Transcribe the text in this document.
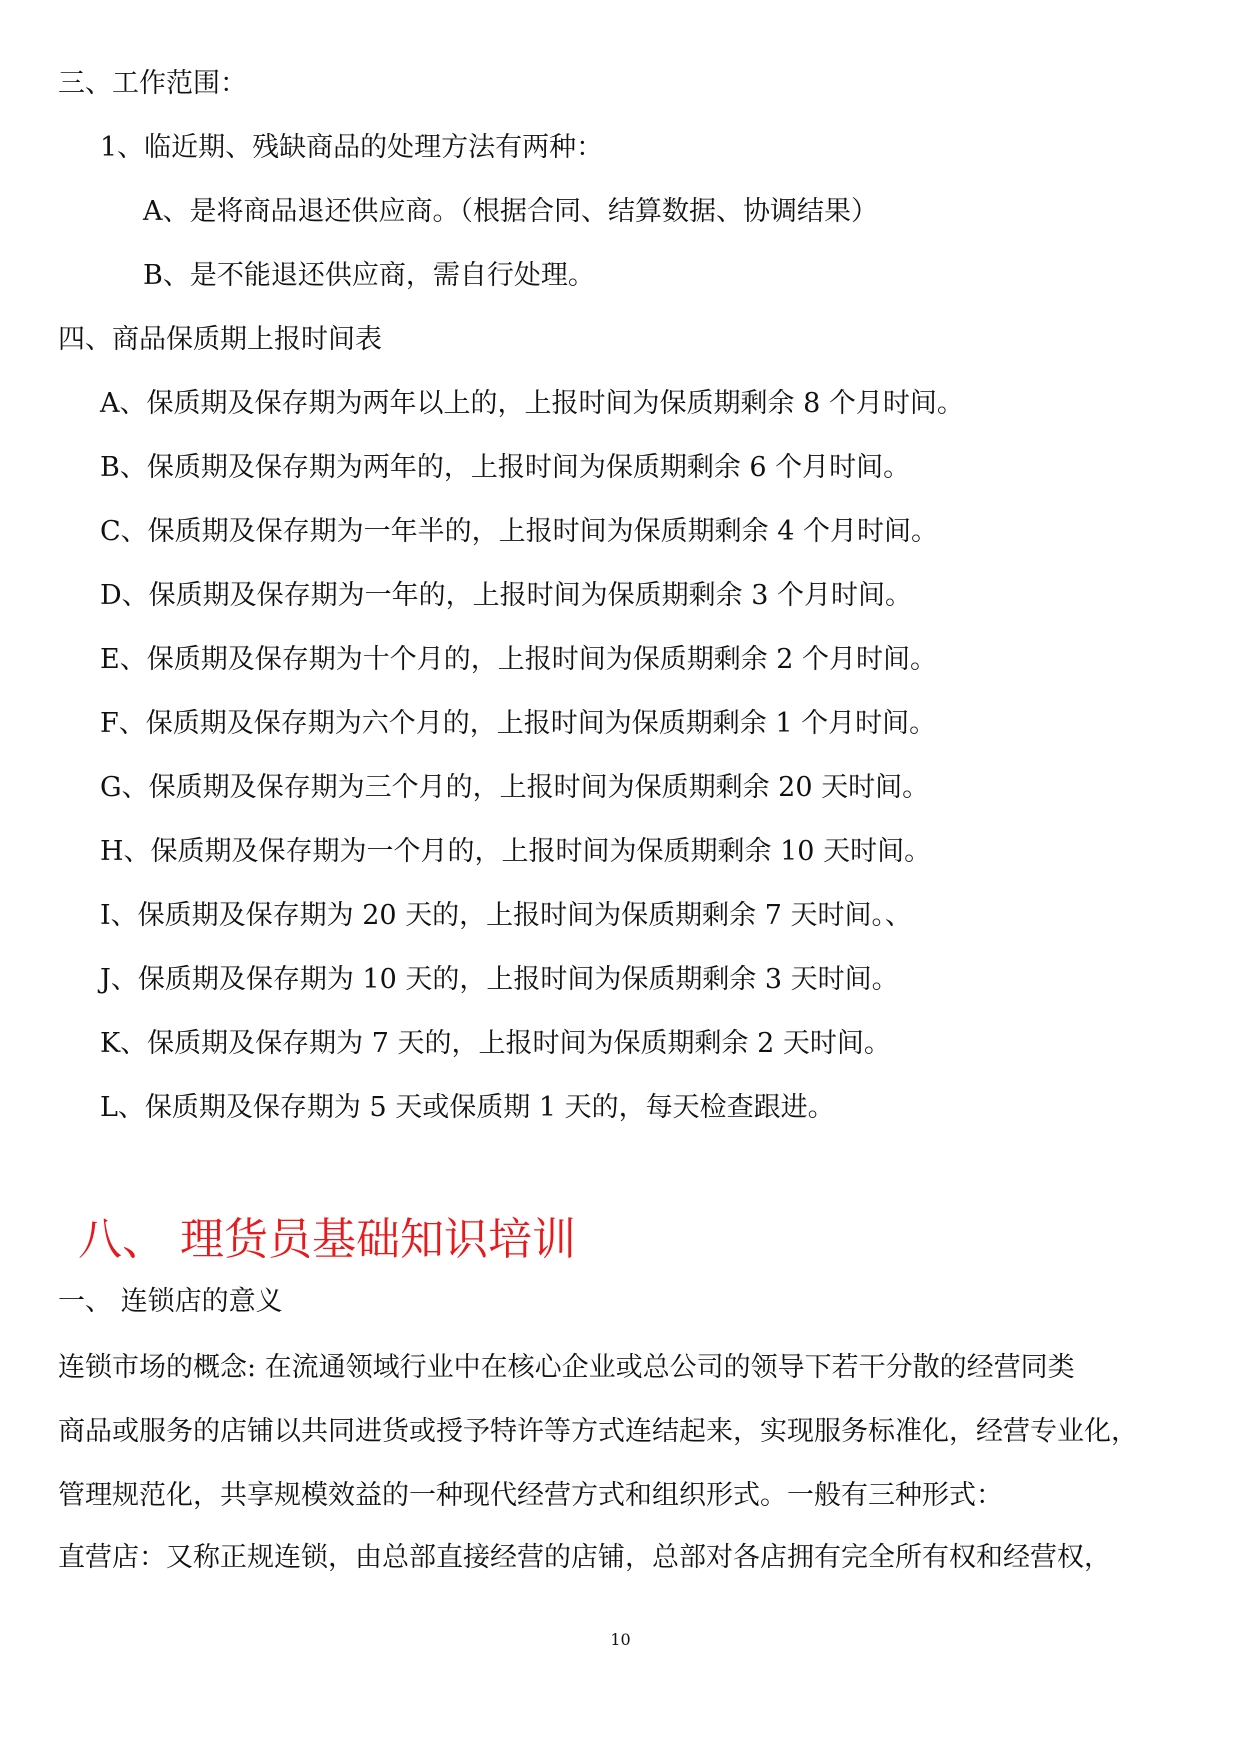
三、工作范围：
1、临近期、残缺商品的处理方法有两种：
A、是将商品退还供应商。（根据合同、结算数据、协调结果）
B、是不能退还供应商，需自行处理。
四、商品保质期上报时间表
A、保质期及保存期为两年以上的，上报时间为保质期剩余 8 个月时间。
B、保质期及保存期为两年的，上报时间为保质期剩余 6 个月时间。
C、保质期及保存期为一年半的，上报时间为保质期剩余 4 个月时间。
D、保质期及保存期为一年的，上报时间为保质期剩余 3 个月时间。
E、保质期及保存期为十个月的，上报时间为保质期剩余 2 个月时间。
F、保质期及保存期为六个月的，上报时间为保质期剩余 1 个月时间。
G、保质期及保存期为三个月的，上报时间为保质期剩余 20 天时间。
H、保质期及保存期为一个月的，上报时间为保质期剩余 10 天时间。
I、保质期及保存期为 20 天的，上报时间为保质期剩余 7 天时间。、
J、保质期及保存期为 10 天的，上报时间为保质期剩余 3 天时间。
K、保质期及保存期为 7 天的，上报时间为保质期剩余 2 天时间。
L、保质期及保存期为 5 天或保质期 1 天的，每天检查跟进。
八、 理货员基础知识培训
一、 连锁店的意义
连锁市场的概念: 在流通领域行业中在核心企业或总公司的领导下若干分散的经营同类
商品或服务的店铺以共同进货或授予特许等方式连结起来，实现服务标准化，经营专业化，
管理规范化，共享规模效益的一种现代经营方式和组织形式。一般有三种形式：
直营店：又称正规连锁，由总部直接经营的店铺，总部对各店拥有完全所有权和经营权，
10
